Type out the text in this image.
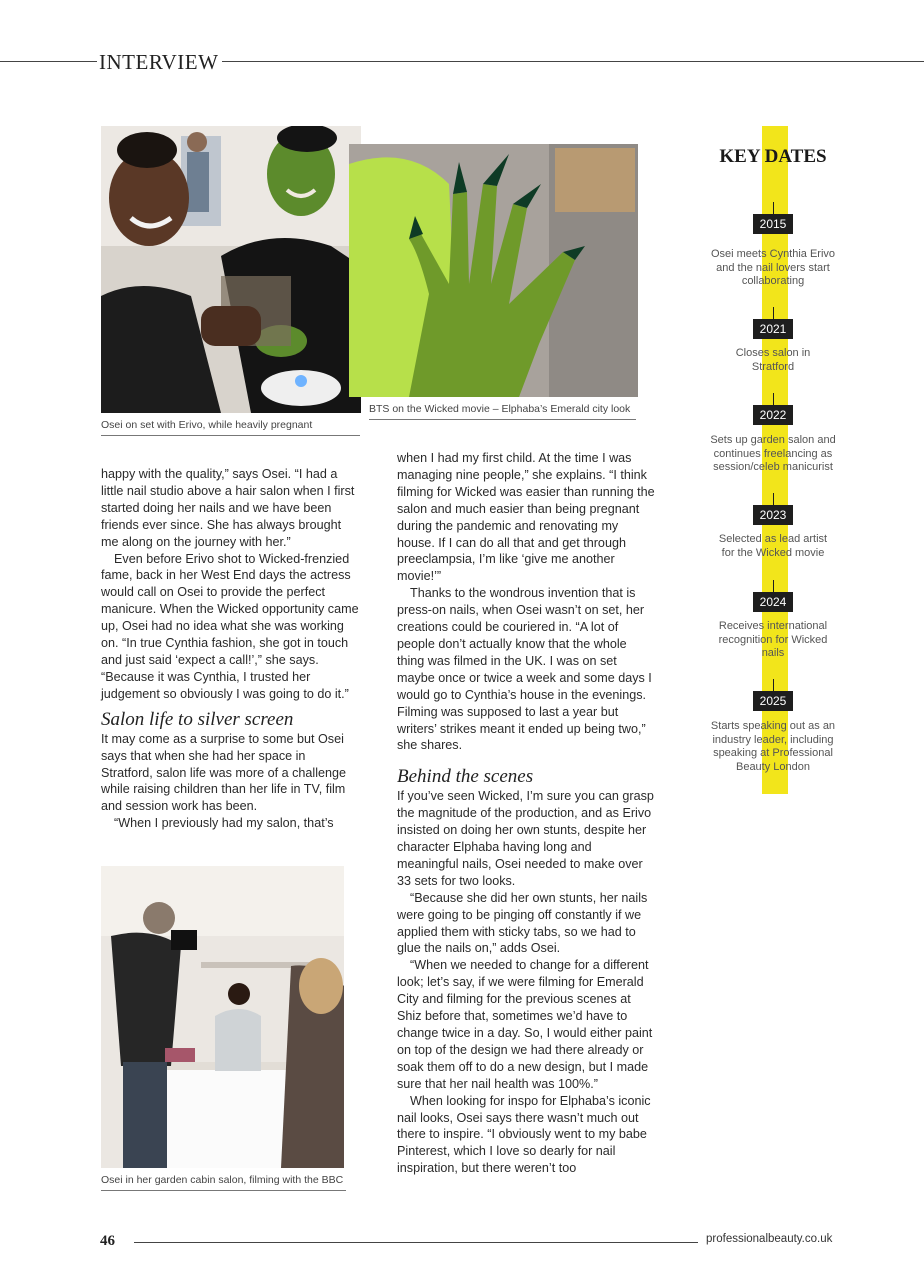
INTERVIEW
Osei on set with Erivo, while heavily pregnant
BTS on the Wicked movie – Elphaba’s Emerald city look
Osei in her garden cabin salon, filming with the BBC

happy with the quality,” says Osei. “I had a little nail studio above a hair salon when I first started doing her nails and we have been friends ever since. She has always brought me along on the journey with her.”

Even before Erivo shot to Wicked-frenzied fame, back in her West End days the actress would call on Osei to provide the perfect manicure. When the Wicked opportunity came up, Osei had no idea what she was working on. “In true Cynthia fashion, she got in touch and just said ‘expect a call!’,” she says. “Because it was Cynthia, I trusted her judgement so obviously I was going to do it.”

Salon life to silver screen

It may come as a surprise to some but Osei says that when she had her space in Stratford, salon life was more of a challenge while raising children than her life in TV, film and session work has been.

“When I previously had my salon, that’s

when I had my first child. At the time I was managing nine people,” she explains. “I think filming for Wicked was easier than running the salon and much easier than being pregnant during the pandemic and renovating my house. If I can do all that and get through preeclampsia, I’m like ‘give me another movie!’”

Thanks to the wondrous invention that is press-on nails, when Osei wasn’t on set, her creations could be couriered in. “A lot of people don’t actually know that the whole thing was filmed in the UK. I was on set maybe once or twice a week and some days I would go to Cynthia’s house in the evenings. Filming was supposed to last a year but writers’ strikes meant it ended up being two,” she shares.

Behind the scenes

If you’ve seen Wicked, I’m sure you can grasp the magnitude of the production, and as Erivo insisted on doing her own stunts, despite her character Elphaba having long and meaningful nails, Osei needed to make over 33 sets for two looks.

“Because she did her own stunts, her nails were going to be pinging off constantly if we applied them with sticky tabs, so we had to glue the nails on,” adds Osei.

“When we needed to change for a different look; let’s say, if we were filming for Emerald City and filming for the previous scenes at Shiz before that, sometimes we’d have to change twice in a day. So, I would either paint on top of the design we had there already or soak them off to do a new design, but I made sure that her nail health was 100%.”

When looking for inspo for Elphaba’s iconic nail looks, Osei says there wasn’t much out there to inspire. “I obviously went to my babe Pinterest, which I love so dearly for nail inspiration, but there weren’t too

KEY DATES
2015
Osei meets Cynthia Erivo and the nail lovers start collaborating
2021
Closes salon in Stratford
2022
Sets up garden salon and continues freelancing as session/celeb manicurist
2023
Selected as lead artist for the Wicked movie
2024
Receives international recognition for Wicked nails
2025
Starts speaking out as an industry leader, including speaking at Professional Beauty London
46	professionalbeauty.co.uk
